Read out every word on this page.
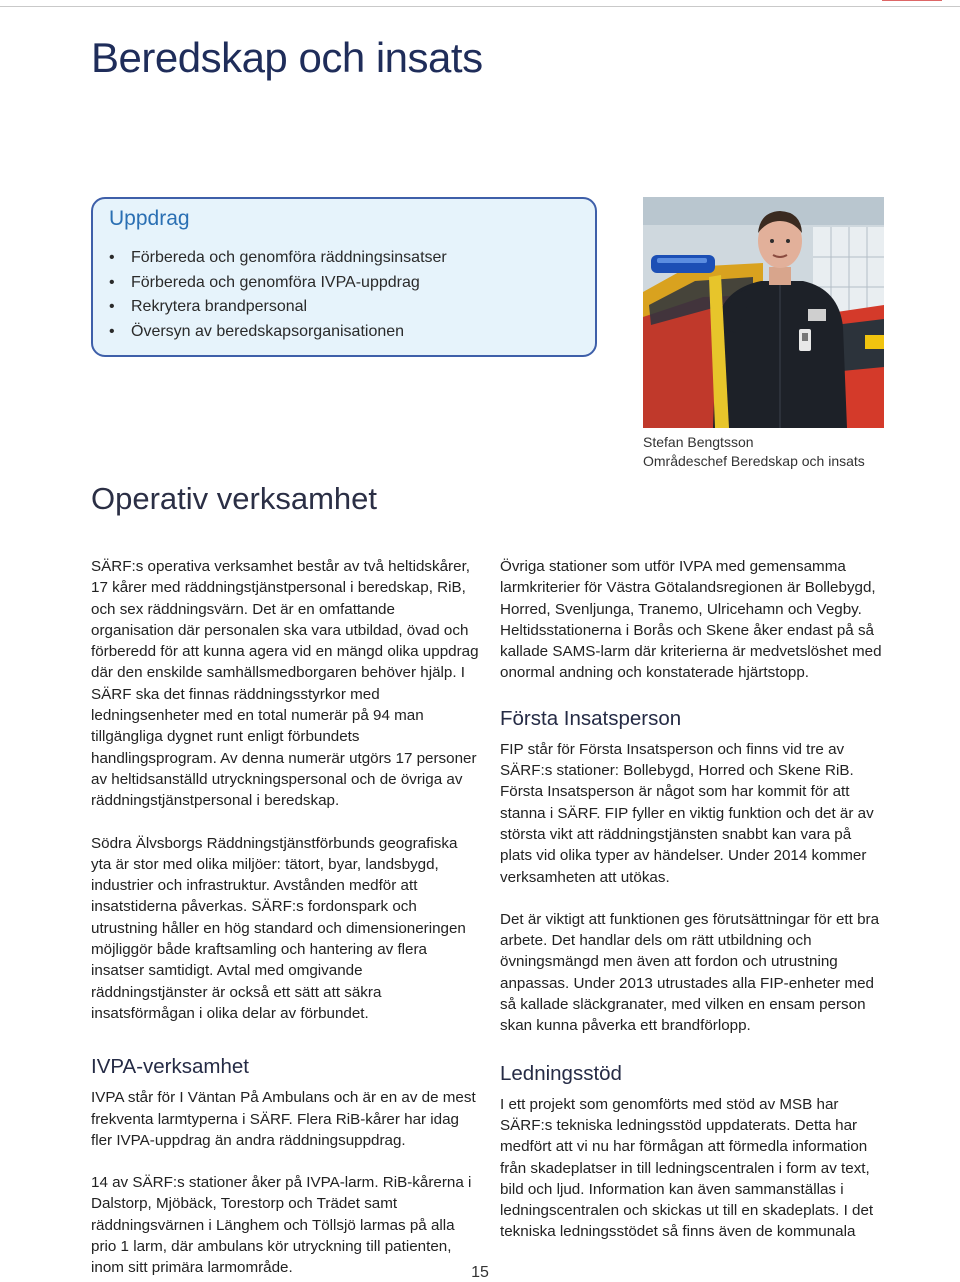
Beredskap och insats
Uppdrag
• Förbereda och genomföra räddningsinsatser
• Förbereda och genomföra IVPA-uppdrag
• Rekrytera brandpersonal
• Översyn av beredskapsorganisationen
Stefan Bengtsson
Områdeschef Beredskap och insats
Operativ verksamhet

SÄRF:s operativa verksamhet består av två heltidskårer, 17 kårer med räddningstjänstpersonal i beredskap, RiB, och sex räddningsvärn. Det är en omfattande organisation där personalen ska vara utbildad, övad och förberedd för att kunna agera vid en mängd olika uppdrag där den enskilde samhällsmedborgaren behöver hjälp. I SÄRF ska det finnas räddningsstyrkor med ledningsenheter med en total numerär på 94 man tillgängliga dygnet runt enligt förbundets handlingsprogram. Av denna numerär utgörs 17 personer av heltidsanställd utryckningspersonal och de övriga av räddningstjänstpersonal i beredskap.

Södra Älvsborgs Räddningstjänstförbunds geografiska yta är stor med olika miljöer: tätort, byar, landsbygd, industrier och infrastruktur. Avstånden medför att insatstiderna påverkas. SÄRF:s fordonspark och utrustning håller en hög standard och dimensioneringen möjliggör både kraftsamling och hantering av flera insatser samtidigt. Avtal med omgivande räddningstjänster är också ett sätt att säkra insatsförmågan i olika delar av förbundet.

IVPA-verksamhet

IVPA står för I Väntan På Ambulans och är en av de mest frekventa larmtyperna i SÄRF. Flera RiB-kårer har idag fler IVPA-uppdrag än andra räddningsuppdrag.

14 av SÄRF:s stationer åker på IVPA-larm. RiB-kårerna i Dalstorp, Mjöbäck, Torestorp och Trädet samt räddningsvärnen i Länghem och Töllsjö larmas på alla prio 1 larm, där ambulans kör utryckning till patienten, inom sitt primära larmområde.

Övriga stationer som utför IVPA med gemensamma larmkriterier för Västra Götalandsregionen är Bollebygd, Horred, Svenljunga, Tranemo, Ulricehamn och Vegby. Heltidsstationerna i Borås och Skene åker endast på så kallade SAMS-larm där kriterierna är medvetslöshet med onormal andning och konstaterade hjärtstopp.

Första Insatsperson

FIP står för Första Insatsperson och finns vid tre av SÄRF:s stationer: Bollebygd, Horred och Skene RiB. Första Insatsperson är något som har kommit för att stanna i SÄRF. FIP fyller en viktig funktion och det är av största vikt att räddningstjänsten snabbt kan vara på plats vid olika typer av händelser. Under 2014 kommer verksamheten att utökas.

Det är viktigt att funktionen ges förutsättningar för ett bra arbete. Det handlar dels om rätt utbildning och övningsmängd men även att fordon och utrustning anpassas. Under 2013 utrustades alla FIP-enheter med så kallade släckgranater, med vilken en ensam person skan kunna påverka ett brandförlopp.

Ledningsstöd

I ett projekt som genomförts med stöd av MSB har SÄRF:s tekniska ledningsstöd uppdaterats. Detta har medfört att vi nu har förmågan att förmedla information från skadeplatser in till ledningscentralen i form av text, bild och ljud. Information kan även sammanställas i ledningscentralen och skickas ut till en skadeplats. I det tekniska ledningsstödet så finns även de kommunala

15
